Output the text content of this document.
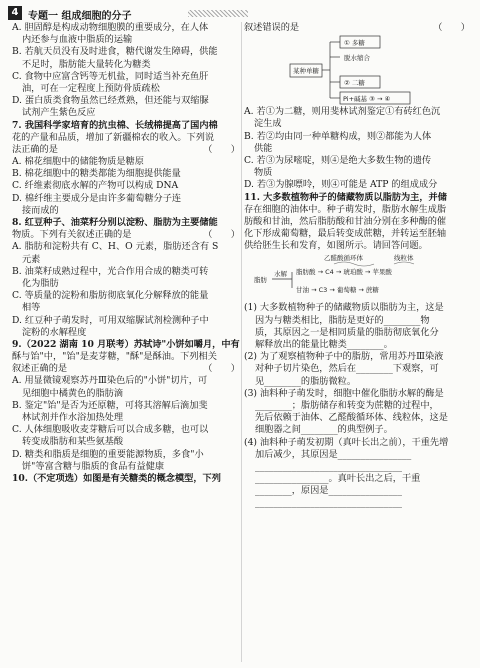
4 专题一 组成细胞的分子
A. 胆固醇是构成动物细胞膜的重要成分，在人体
内还参与血液中脂质的运输
B. 若航天员没有及时进食，糖代谢发生障碍，供能
不足时，脂肪能大量转化为糖类
C. 食物中应富含钙等无机盐，同时适当补充鱼肝
油，可在一定程度上预防骨质疏松
D. 蛋白质类食物虽然已经煮熟，但还能与双缩脲
试剂产生紫色反应
7. 我国科学家培育的抗虫棉、长绒棉提高了国内棉
花的产量和品质，增加了新疆棉农的收入。下列说
法正确的是	（　　）
A. 棉花细胞中的储能物质是糖原
B. 棉花细胞中的糖类都能为细胞提供能量
C. 纤维素彻底水解的产物可以构成 DNA
D. 棉纤维主要成分是由许多葡萄糖分子连
接而成的
8. 红豆种子、油菜籽分别以淀粉、脂肪为主要储能
物质。下列有关叙述正确的是	（　　）
A. 脂肪和淀粉共有 C、H、O 元素，脂肪还含有 S
元素
B. 油菜籽成熟过程中，光合作用合成的糖类可转
化为脂肪
C. 等质量的淀粉和脂肪彻底氧化分解释放的能量
相等
D. 红豆种子萌发时，可用双缩脲试剂检测种子中
淀粉的水解程度
9.（2022 湖南 10 月联考）苏轼诗"小饼如嚼月，中有
酥与饴"中，"饴"是麦芽糖，"酥"是酥油。下列相关
叙述正确的是	（　　）
A. 用显微镜观察苏丹Ⅲ染色后的"小饼"切片，可
见细胞中橘黄色的脂肪滴
B. 鉴定"饴"是否为还原糖，可将其溶解后滴加斐
林试剂并作水浴加热处理
C. 人体细胞吸收麦芽糖后可以合成多糖，也可以
转变成脂肪和某些氨基酸
D. 糖类和脂质是细胞的重要能源物质，多食"小
饼"等富含糖与脂质的食品有益健康
10.（不定项选）如图是有关糖类的概念模型，下列
叙述错误的是	（　　）
某种单糖
① 多糖
脱水缩合
② 二糖
Pi+碱基 ③ → ④
A. 若①为二糖，则用斐林试剂鉴定①有砖红色沉
淀生成
B. 若②均由同一种单糖构成，则②都能为人体
供能
C. 若③为尿嘧啶，则④是绝大多数生物的遗传
物质
D. 若③为腺嘌呤，则④可能是 ATP 的组成成分
11. 大多数植物种子的储藏物质以脂肪为主，并储
存在细胞的油体中。种子萌发时，脂肪水解生成脂
肪酸和甘油，然后脂肪酸和甘油分别在多种酶的催
化下形成葡萄糖，最后转变成蔗糖，并转运至胚轴
供给胚生长和发育，如图所示。请回答问题。
乙醛酸循环体	线粒体
脂肪
水解 脂肪酸 → C4 → 琥珀酸 → 苹果酸
甘油 → C3 → 葡萄糖 → 蔗糖
(1) 大多数植物种子的储藏物质以脂肪为主，这是
因为与糖类相比，脂肪是更好的________物
质，其原因之一是相同质量的脂肪彻底氧化分
解释放出的能量比糖类________。
(2) 为了观察植物种子中的脂肪，常用苏丹Ⅲ染液
对种子切片染色，然后在________下观察，可
见________的脂肪微粒。
(3) 油料种子萌发时，细胞中催化脂肪水解的酶是
________；脂肪储存和转变为蔗糖的过程中，
先后依赖于油体、乙醛酸循环体、线粒体，这是
细胞器之间________的典型例子。
(4) 油料种子萌发初期（真叶长出之前），干重先增
加后减少，其原因是________________
________________________________
________________。真叶长出之后，干重
________，原因是________________
________________________________
